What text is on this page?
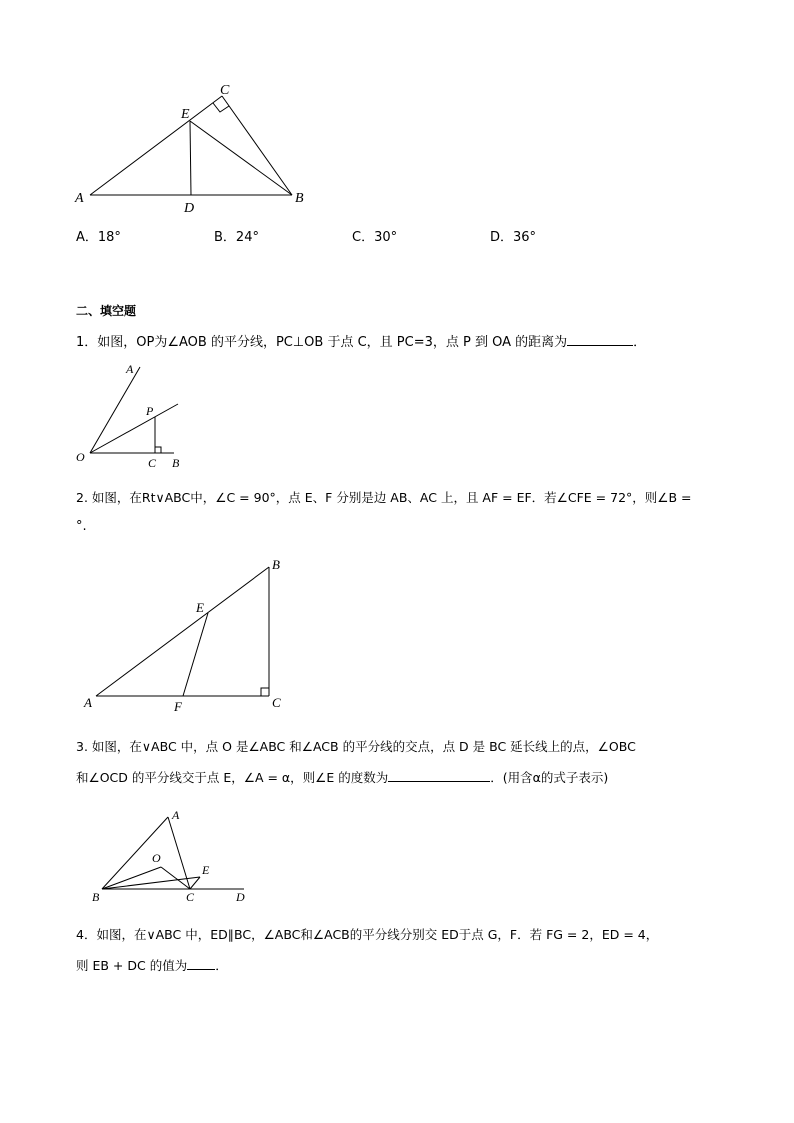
C
E
A
D
B
A．18°	B．24°	C．30°	D．36°
二、填空题
1．如图，OP为∠AOB 的平分线，PC⊥OB 于点 C，且 PC=3，点 P 到 OA 的距离为	．
A
P
O	C B
2. 如图，在Rt∨ABC中，∠C = 90°，点 E、F 分别是边 AB、AC 上，且 AF = EF．若∠CFE = 72°，则∠B =
°.
B
E
A	F	C
3. 如图，在∨ABC 中，点 O 是∠ABC 和∠ACB 的平分线的交点，点 D 是 BC 延长线上的点，∠OBC
和∠OCD 的平分线交于点 E，∠A = α，则∠E 的度数为	．(用含α的式子表示)
A
O
E
B	C	D
4．如图，在∨ABC 中，ED∥BC，∠ABC和∠ACB的平分线分别交 ED于点 G，F．若 FG = 2，ED = 4，
则 EB + DC 的值为 ．
